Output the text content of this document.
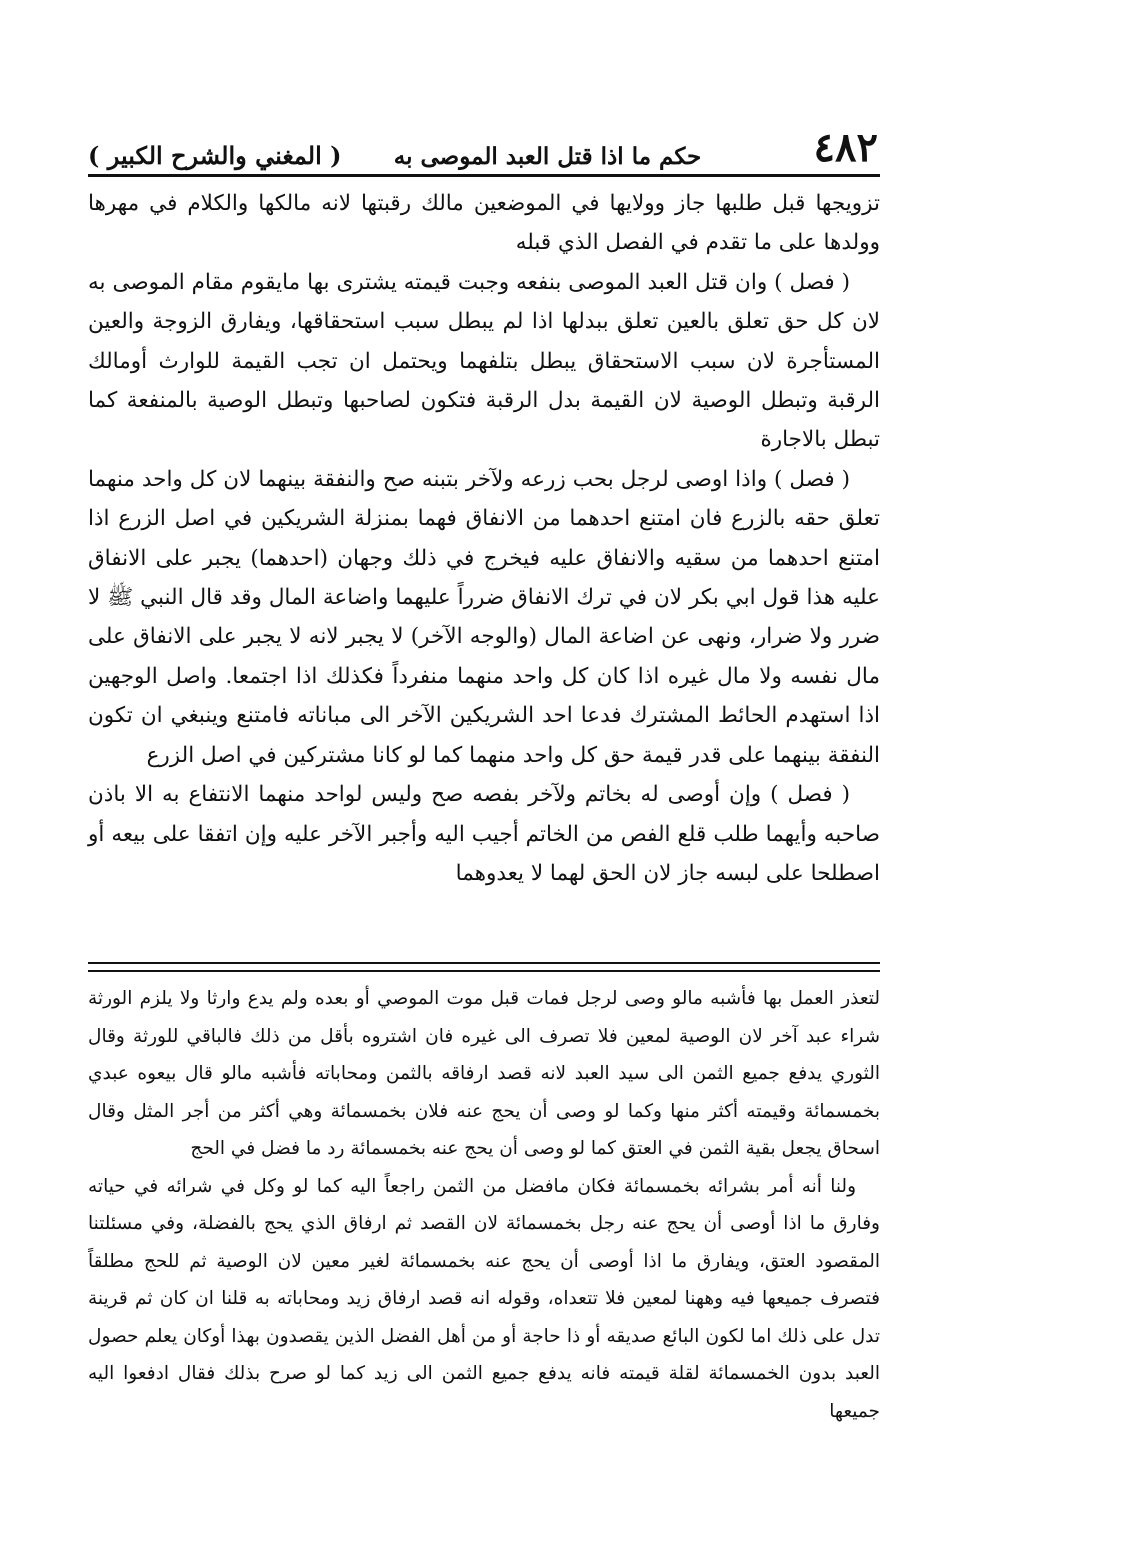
٤٨٢
حكم ما اذا قتل العبد الموصى به
( المغني والشرح الكبير )

تزويجها قبل طلبها جاز وولايها في الموضعين مالك رقبتها لانه مالكها والكلام في مهرها وولدها على ما تقدم في الفصل الذي قبله

( فصل ) وان قتل العبد الموصى بنفعه وجبت قيمته يشترى بها مايقوم مقام الموصى به لان كل حق تعلق بالعين تعلق ببدلها اذا لم يبطل سبب استحقاقها، ويفارق الزوجة والعين المستأجرة لان سبب الاستحقاق يبطل بتلفهما ويحتمل ان تجب القيمة للوارث أومالك الرقبة وتبطل الوصية لان القيمة بدل الرقبة فتكون لصاحبها وتبطل الوصية بالمنفعة كما تبطل بالاجارة

( فصل ) واذا اوصى لرجل بحب زرعه ولآخر بتبنه صح والنفقة بينهما لان كل واحد منهما تعلق حقه بالزرع فان امتنع احدهما من الانفاق فهما بمنزلة الشريكين في اصل الزرع اذا امتنع احدهما من سقيه والانفاق عليه فيخرج في ذلك وجهان (احدهما) يجبر على الانفاق عليه هذا قول ابي بكر لان في ترك الانفاق ضرراً عليهما واضاعة المال وقد قال النبي ﷺ لا ضرر ولا ضرار، ونهى عن اضاعة المال (والوجه الآخر) لا يجبر لانه لا يجبر على الانفاق على مال نفسه ولا مال غيره اذا كان كل واحد منهما منفرداً فكذلك اذا اجتمعا. واصل الوجهين اذا استهدم الحائط المشترك فدعا احد الشريكين الآخر الى مباناته فامتنع وينبغي ان تكون النفقة بينهما على قدر قيمة حق كل واحد منهما كما لو كانا مشتركين في اصل الزرع

( فصل ) وإن أوصى له بخاتم ولآخر بفصه صح وليس لواحد منهما الانتفاع به الا باذن صاحبه وأيهما طلب قلع الفص من الخاتم أجيب اليه وأجبر الآخر عليه وإن اتفقا على بيعه أو اصطلحا على لبسه جاز لان الحق لهما لا يعدوهما

لتعذر العمل بها فأشبه مالو وصى لرجل فمات قبل موت الموصي أو بعده ولم يدع وارثا ولا يلزم الورثة شراء عبد آخر لان الوصية لمعين فلا تصرف الى غيره فان اشتروه بأقل من ذلك فالباقي للورثة وقال الثوري يدفع جميع الثمن الى سيد العبد لانه قصد ارفاقه بالثمن ومحاباته فأشبه مالو قال بيعوه عبدي بخمسمائة وقيمته أكثر منها وكما لو وصى أن يحج عنه فلان بخمسمائة وهي أكثر من أجر المثل وقال اسحاق يجعل بقية الثمن في العتق كما لو وصى أن يحج عنه بخمسمائة رد ما فضل في الحج

ولنا أنه أمر بشرائه بخمسمائة فكان مافضل من الثمن راجعاً اليه كما لو وكل في شرائه في حياته وفارق ما اذا أوصى أن يحج عنه رجل بخمسمائة لان القصد ثم ارفاق الذي يحج بالفضلة، وفي مسئلتنا المقصود العتق، ويفارق ما اذا أوصى أن يحج عنه بخمسمائة لغير معين لان الوصية ثم للحج مطلقاً فتصرف جميعها فيه وههنا لمعين فلا تتعداه، وقوله انه قصد ارفاق زيد ومحاباته به قلنا ان كان ثم قرينة تدل على ذلك اما لكون البائع صديقه أو ذا حاجة أو من أهل الفضل الذين يقصدون بهذا أوكان يعلم حصول العبد بدون الخمسمائة لقلة قيمته فانه يدفع جميع الثمن الى زيد كما لو صرح بذلك فقال ادفعوا اليه جميعها
